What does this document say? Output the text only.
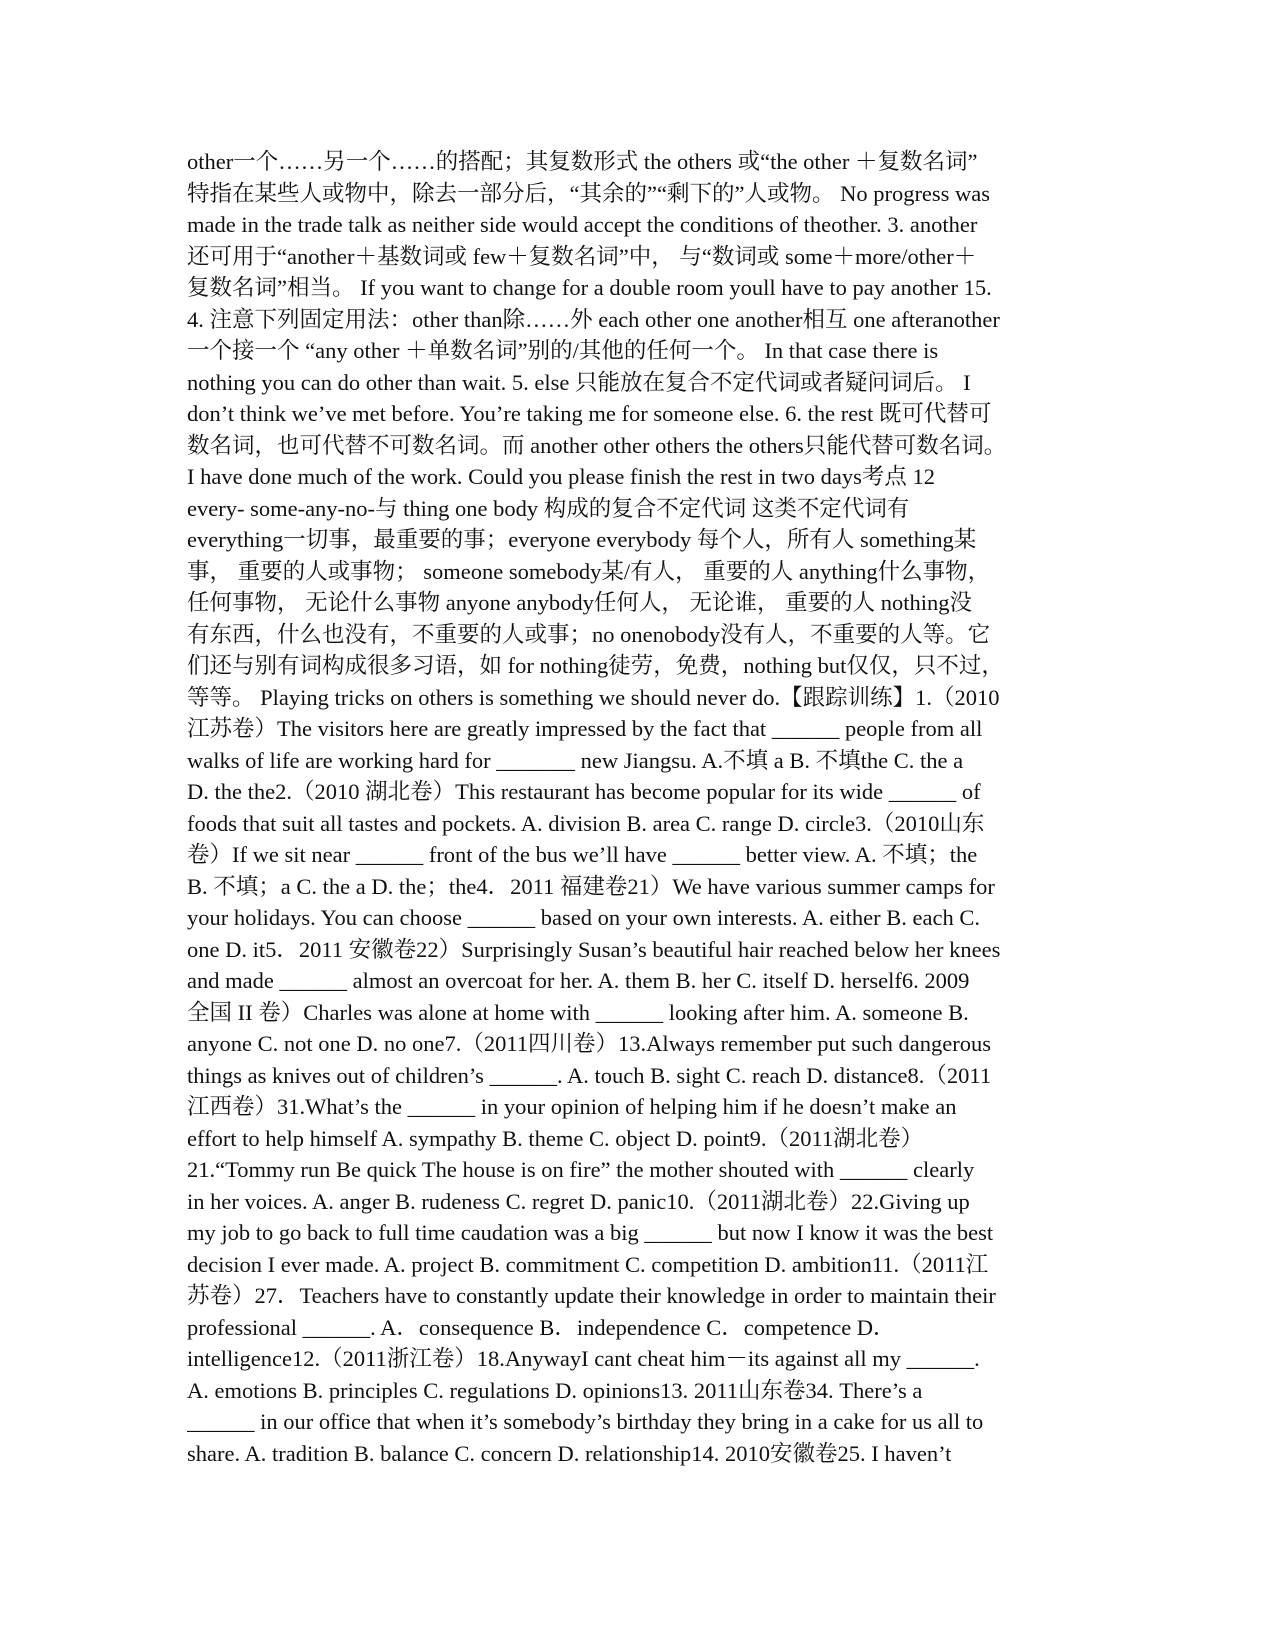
other一个……另一个……的搭配；其复数形式 the others 或“the other ＋复数名词”
特指在某些人或物中，除去一部分后，“其余的”“剩下的”人或物。 No progress was
made in the trade talk as neither side would accept the conditions of theother. 3. another
还可用于“another＋基数词或 few＋复数名词”中， 与“数词或 some＋more/other＋
复数名词”相当。 If you want to change for a double room youll have to pay another 15.
4. 注意下列固定用法：other than除……外 each other one another相互 one afteranother
一个接一个 “any other ＋单数名词”别的/其他的任何一个。 In that case there is
nothing you can do other than wait. 5. else 只能放在复合不定代词或者疑问词后。 I
don’t think we’ve met before. You’re taking me for someone else. 6. the rest 既可代替可
数名词，也可代替不可数名词。而 another other others the others只能代替可数名词。
I have done much of the work. Could you please finish the rest in two days考点 12
every- some-any-no-与 thing one body 构成的复合不定代词 这类不定代词有
everything一切事，最重要的事；everyone everybody 每个人，所有人 something某
事， 重要的人或事物； someone somebody某/有人， 重要的人 anything什么事物，
任何事物， 无论什么事物 anyone anybody任何人， 无论谁， 重要的人 nothing没
有东西，什么也没有，不重要的人或事；no onenobody没有人，不重要的人等。它
们还与别有词构成很多习语，如 for nothing徒劳，免费，nothing but仅仅，只不过，
等等。 Playing tricks on others is something we should never do.【跟踪训练】1.（2010
江苏卷）The visitors here are greatly impressed by the fact that ______ people from all
walks of life are working hard for _______ new Jiangsu. A.不填 a B. 不填the C. the a
D. the the2.（2010 湖北卷）This restaurant has become popular for its wide ______ of
foods that suit all tastes and pockets. A. division B. area C. range D. circle3.（2010山东
卷）If we sit near ______ front of the bus we’ll have ______ better view. A. 不填；the
B. 不填；a C. the a D. the；the4．2011 福建卷21）We have various summer camps for
your holidays. You can choose ______ based on your own interests. A. either B. each C.
one D. it5．2011 安徽卷22）Surprisingly Susan’s beautiful hair reached below her knees
and made ______ almost an overcoat for her. A. them B. her C. itself D. herself6. 2009
全国 II 卷）Charles was alone at home with ______ looking after him. A. someone B.
anyone C. not one D. no one7.（2011四川卷）13.Always remember put such dangerous
things as knives out of children’s ______. A. touch B. sight C. reach D. distance8.（2011
江西卷）31.What’s the ______ in your opinion of helping him if he doesn’t make an
effort to help himself A. sympathy B. theme C. object D. point9.（2011湖北卷）
21.“Tommy run Be quick The house is on fire” the mother shouted with ______ clearly
in her voices. A. anger B. rudeness C. regret D. panic10.（2011湖北卷）22.Giving up
my job to go back to full time caudation was a big ______ but now I know it was the best
decision I ever made. A. project B. commitment C. competition D. ambition11.（2011江
苏卷）27．Teachers have to constantly update their knowledge in order to maintain their
professional ______. A．consequence B．independence C．competence D．
intelligence12.（2011浙江卷）18.AnywayI cant cheat him－its against all my ______.
A. emotions B. principles C. regulations D. opinions13. 2011山东卷34. There’s a
______ in our office that when it’s somebody’s birthday they bring in a cake for us all to
share. A. tradition B. balance C. concern D. relationship14. 2010安徽卷25. I haven’t
